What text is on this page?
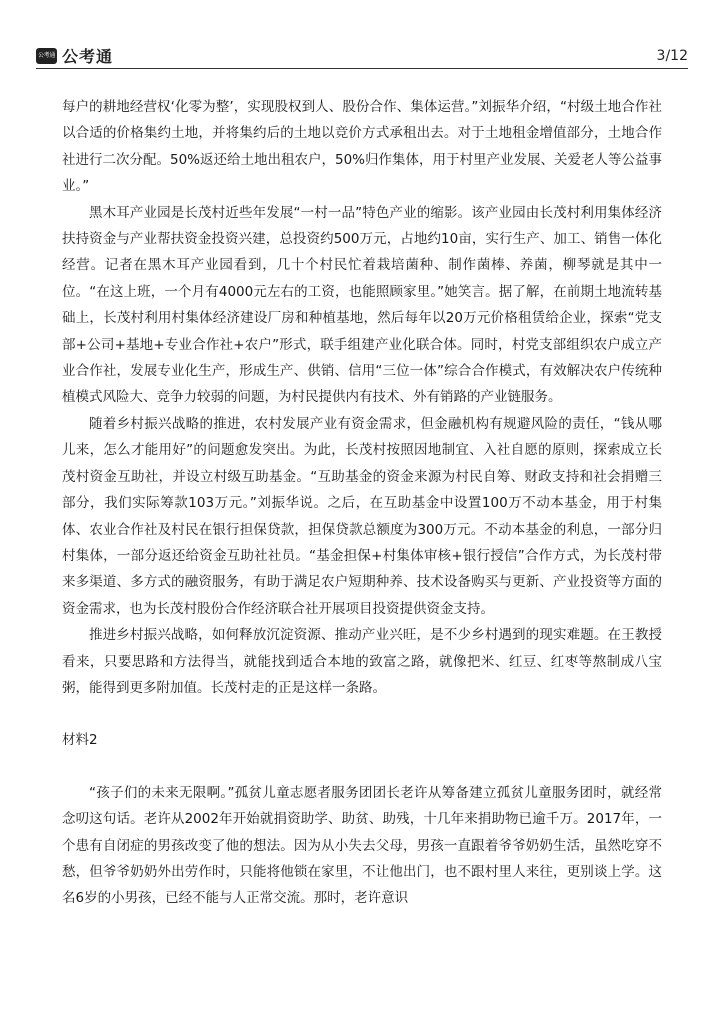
公考通 公考通	3/12

每户的耕地经营权‘化零为整’，实现股权到人、股份合作、集体运营。”刘振华介绍，“村级土地合作社以合适的价格集约土地，并将集约后的土地以竞价方式承租出去。对于土地租金增值部分，土地合作社进行二次分配。50%返还给土地出租农户，50%归作集体，用于村里产业发展、关爱老人等公益事业。”

黑木耳产业园是长茂村近些年发展“一村一品”特色产业的缩影。该产业园由长茂村利用集体经济扶持资金与产业帮扶资金投资兴建，总投资约500万元，占地约10亩，实行生产、加工、销售一体化经营。记者在黑木耳产业园看到，几十个村民忙着栽培菌种、制作菌棒、养菌，柳琴就是其中一位。“在这上班，一个月有4000元左右的工资，也能照顾家里。”她笑言。据了解，在前期土地流转基础上，长茂村利用村集体经济建设厂房和种植基地，然后每年以20万元价格租赁给企业，探索“党支部+公司+基地+专业合作社+农户”形式，联手组建产业化联合体。同时，村党支部组织农户成立产业合作社，发展专业化生产，形成生产、供销、信用“三位一体”综合合作模式，有效解决农户传统种植模式风险大、竞争力较弱的问题，为村民提供内有技术、外有销路的产业链服务。

随着乡村振兴战略的推进，农村发展产业有资金需求，但金融机构有规避风险的责任，“钱从哪儿来，怎么才能用好”的问题愈发突出。为此，长茂村按照因地制宜、入社自愿的原则，探索成立长茂村资金互助社，并设立村级互助基金。“互助基金的资金来源为村民自筹、财政支持和社会捐赠三部分，我们实际筹款103万元。”刘振华说。之后，在互助基金中设置100万不动本基金，用于村集体、农业合作社及村民在银行担保贷款，担保贷款总额度为300万元。不动本基金的利息，一部分归村集体，一部分返还给资金互助社社员。“基金担保+村集体审核+银行授信”合作方式，为长茂村带来多渠道、多方式的融资服务，有助于满足农户短期种养、技术设备购买与更新、产业投资等方面的资金需求，也为长茂村股份合作经济联合社开展项目投资提供资金支持。

推进乡村振兴战略，如何释放沉淀资源、推动产业兴旺，是不少乡村遇到的现实难题。在王教授看来，只要思路和方法得当，就能找到适合本地的致富之路，就像把米、红豆、红枣等熬制成八宝粥，能得到更多附加值。长茂村走的正是这样一条路。

材料2

“孩子们的未来无限啊。”孤贫儿童志愿者服务团团长老许从筹备建立孤贫儿童服务团时，就经常念叨这句话。老许从2002年开始就捐资助学、助贫、助残，十几年来捐助物已逾千万。2017年，一个患有自闭症的男孩改变了他的想法。因为从小失去父母，男孩一直跟着爷爷奶奶生活，虽然吃穿不愁，但爷爷奶奶外出劳作时，只能将他锁在家里，不让他出门，也不跟村里人来往，更别谈上学。这名6岁的小男孩，已经不能与人正常交流。那时，老许意识
